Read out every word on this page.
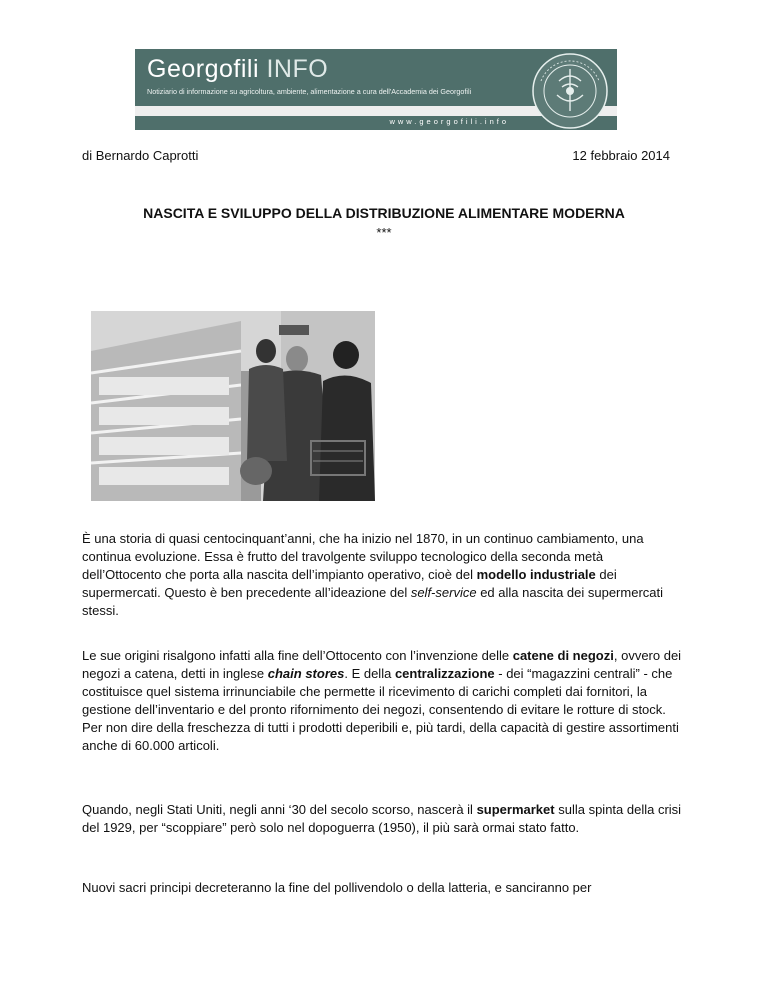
Georgofili INFO
Notiziario di informazione su agricoltura, ambiente, alimentazione a cura dell'Accademia dei Georgofili
www.georgofili.info
di Bernardo Caprotti	12 febbraio 2014
NASCITA E SVILUPPO DELLA DISTRIBUZIONE ALIMENTARE MODERNA
***

È una storia di quasi centocinquant’anni, che ha inizio nel 1870, in un continuo cambiamento, una continua evoluzione. Essa è frutto del travolgente sviluppo tecnologico della seconda metà dell’Ottocento che porta alla nascita dell’impianto operativo, cioè del modello industriale dei supermercati. Questo è ben precedente all’ideazione del self-service ed alla nascita dei supermercati stessi.

Le sue origini risalgono infatti alla fine dell’Ottocento con l’invenzione delle catene di negozi, ovvero dei negozi a catena, detti in inglese chain stores. E della centralizzazione - dei “magazzini centrali” - che costituisce quel sistema irrinunciabile che permette il ricevimento di carichi completi dai fornitori, la gestione dell’inventario e del pronto rifornimento dei negozi, consentendo di evitare le rotture di stock. Per non dire della freschezza di tutti i prodotti deperibili e, più tardi, della capacità di gestire assortimenti anche di 60.000 articoli.

Quando, negli Stati Uniti, negli anni ‘30 del secolo scorso, nascerà il supermarket sulla spinta della crisi del 1929, per “scoppiare” però solo nel dopoguerra (1950), il più sarà ormai stato fatto.

Nuovi sacri principi decreteranno la fine del pollivendolo o della latteria, e sanciranno per
